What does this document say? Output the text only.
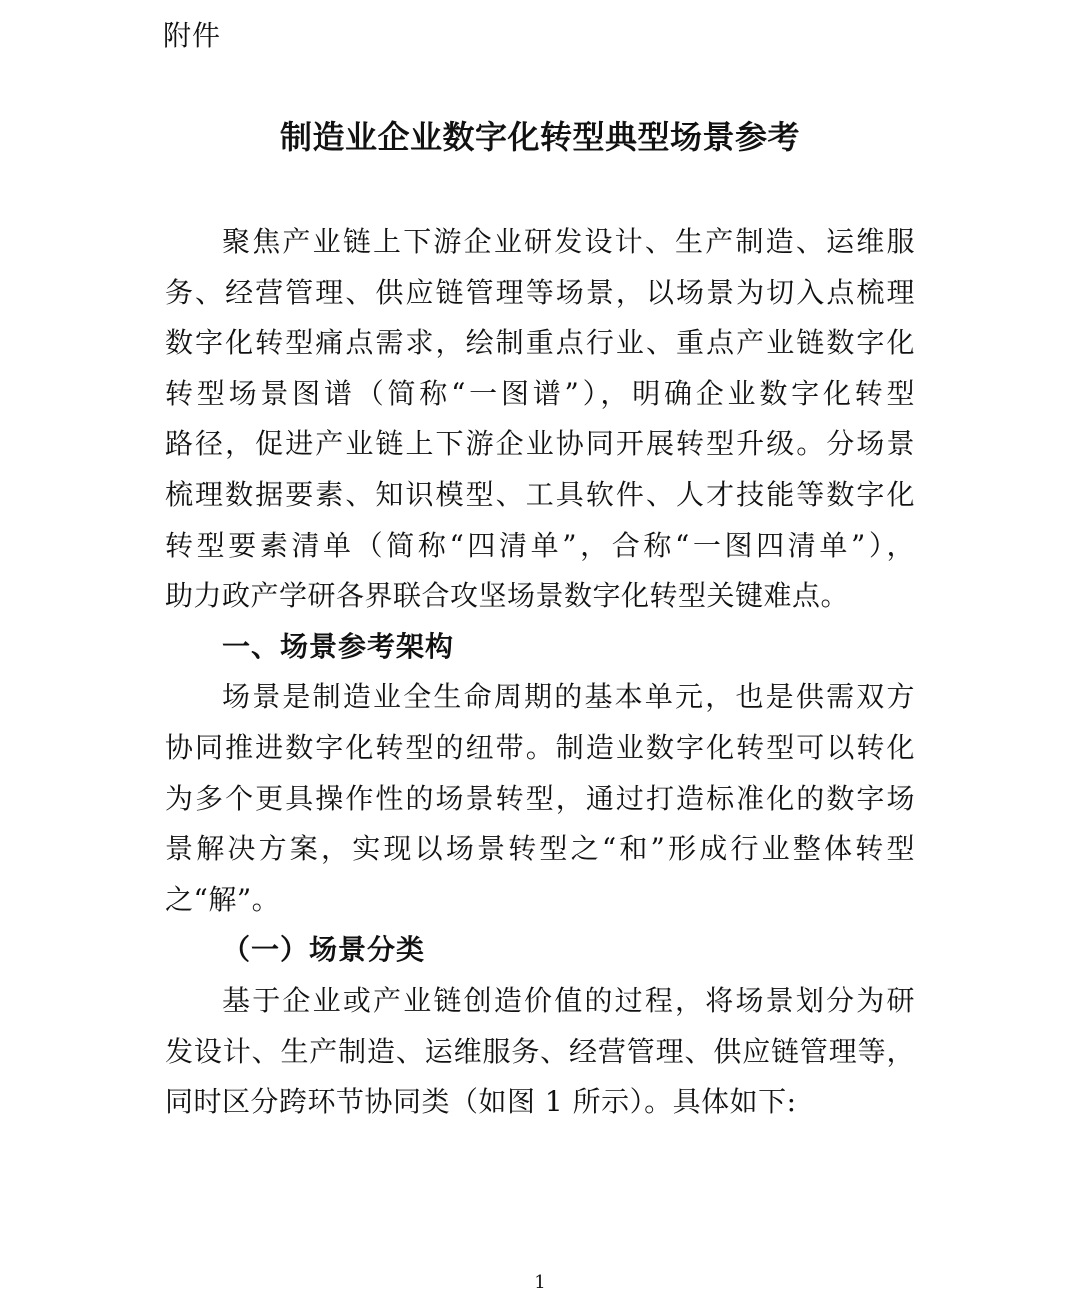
附件
制造业企业数字化转型典型场景参考
聚焦产业链上下游企业研发设计、生产制造、运维服
务、经营管理、供应链管理等场景，以场景为切入点梳理
数字化转型痛点需求，绘制重点行业、重点产业链数字化
转型场景图谱（简称“一图谱”），明确企业数字化转型
路径，促进产业链上下游企业协同开展转型升级。分场景
梳理数据要素、知识模型、工具软件、人才技能等数字化
转型要素清单（简称“四清单”，合称“一图四清单”），
助力政产学研各界联合攻坚场景数字化转型关键难点。
一、场景参考架构
场景是制造业全生命周期的基本单元，也是供需双方
协同推进数字化转型的纽带。制造业数字化转型可以转化
为多个更具操作性的场景转型，通过打造标准化的数字场
景解决方案，实现以场景转型之“和”形成行业整体转型
之“解”。
（一）场景分类
基于企业或产业链创造价值的过程，将场景划分为研
发设计、生产制造、运维服务、经营管理、供应链管理等，
同时区分跨环节协同类（如图 1 所示）。具体如下:
1
